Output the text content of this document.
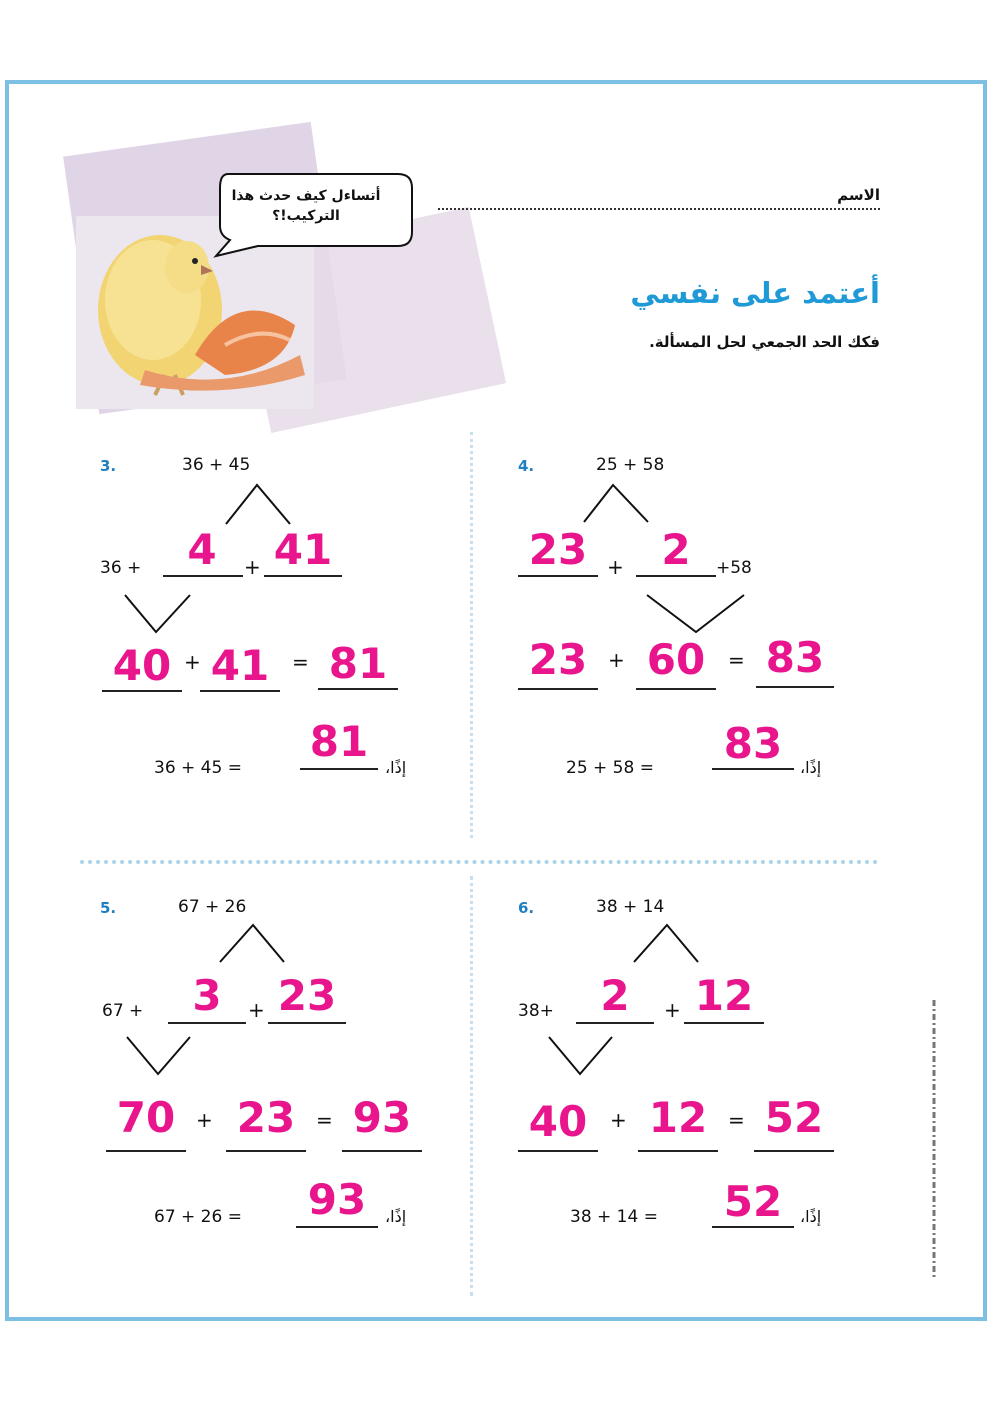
أتساءل كيف حدث هذا التركيب!؟
الاسم
أعتمد على نفسي
فكك الحد الجمعي لحل المسألة.
3.	36 + 45
36 +	4	+ 41
40 + 41	= 81
36 + 45 =
81
إذًا،
4.	25 + 58
23 + 2	+58
23	+ 60	= 83
25 + 58 = 83	إذًا،
5.	67 + 26
67 +	3	+ 23
70	+ 23	= 93
67 + 26 = 93	إذًا،
6.	38 + 14
38+	2	+ 12
40	+ 12	= 52
38 + 14 = 52	إذًا،
